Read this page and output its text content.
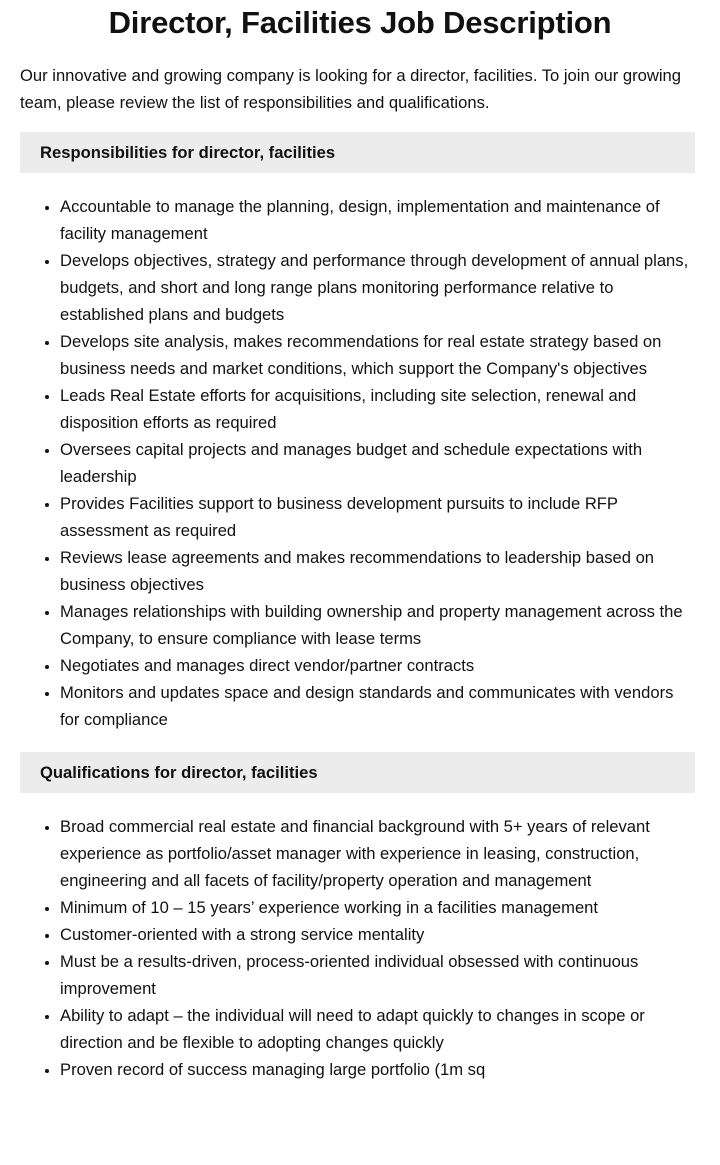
Director, Facilities Job Description

Our innovative and growing company is looking for a director, facilities. To join our growing team, please review the list of responsibilities and qualifications.

Responsibilities for director, facilities
• Accountable to manage the planning, design, implementation and maintenance of facility management
• Develops objectives, strategy and performance through development of annual plans, budgets, and short and long range plans monitoring performance relative to established plans and budgets
• Develops site analysis, makes recommendations for real estate strategy based on business needs and market conditions, which support the Company's objectives
• Leads Real Estate efforts for acquisitions, including site selection, renewal and disposition efforts as required
• Oversees capital projects and manages budget and schedule expectations with leadership
• Provides Facilities support to business development pursuits to include RFP assessment as required
• Reviews lease agreements and makes recommendations to leadership based on business objectives
• Manages relationships with building ownership and property management across the Company, to ensure compliance with lease terms
• Negotiates and manages direct vendor/partner contracts
• Monitors and updates space and design standards and communicates with vendors for compliance
Qualifications for director, facilities
• Broad commercial real estate and financial background with 5+ years of relevant experience as portfolio/asset manager with experience in leasing, construction, engineering and all facets of facility/property operation and management
• Minimum of 10 – 15 years’ experience working in a facilities management
• Customer-oriented with a strong service mentality
• Must be a results-driven, process-oriented individual obsessed with continuous improvement
• Ability to adapt – the individual will need to adapt quickly to changes in scope or direction and be flexible to adopting changes quickly
• Proven record of success managing large portfolio (1m sq
